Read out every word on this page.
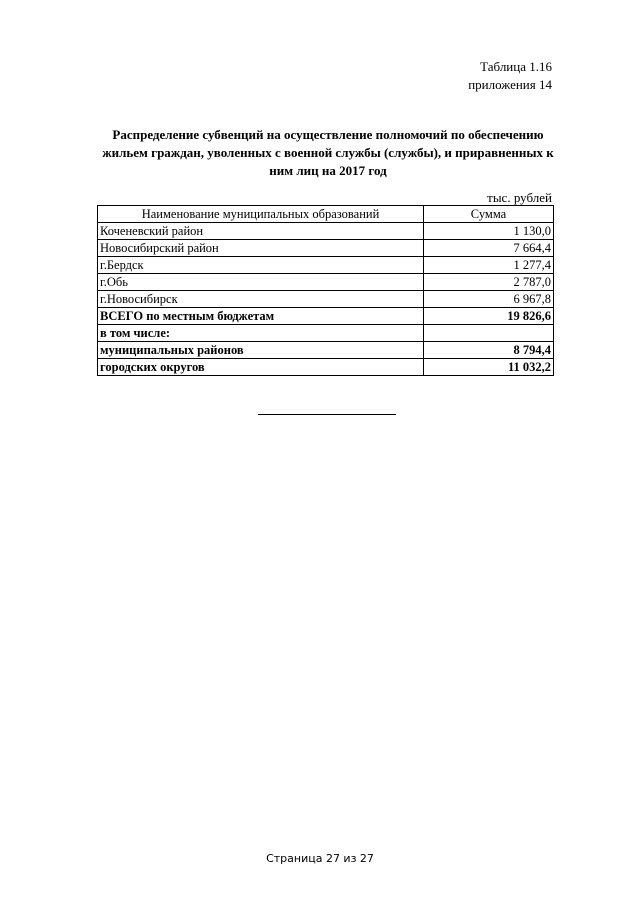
Таблица 1.16
приложения 14
Распределение субвенций на осуществление полномочий по обеспечению жильем граждан, уволенных с военной службы (службы), и приравненных к ним лиц на 2017 год
тыс. рублей
Наименование муниципальных образований	Сумма
Коченевский район	1 130,0
Новосибирский район	7 664,4
г.Бердск	1 277,4
г.Обь	2 787,0
г.Новосибирск	6 967,8
ВСЕГО по местным бюджетам	19 826,6
в том числе:	
муниципальных районов	8 794,4
городских округов	11 032,2
Страница 27 из 27
